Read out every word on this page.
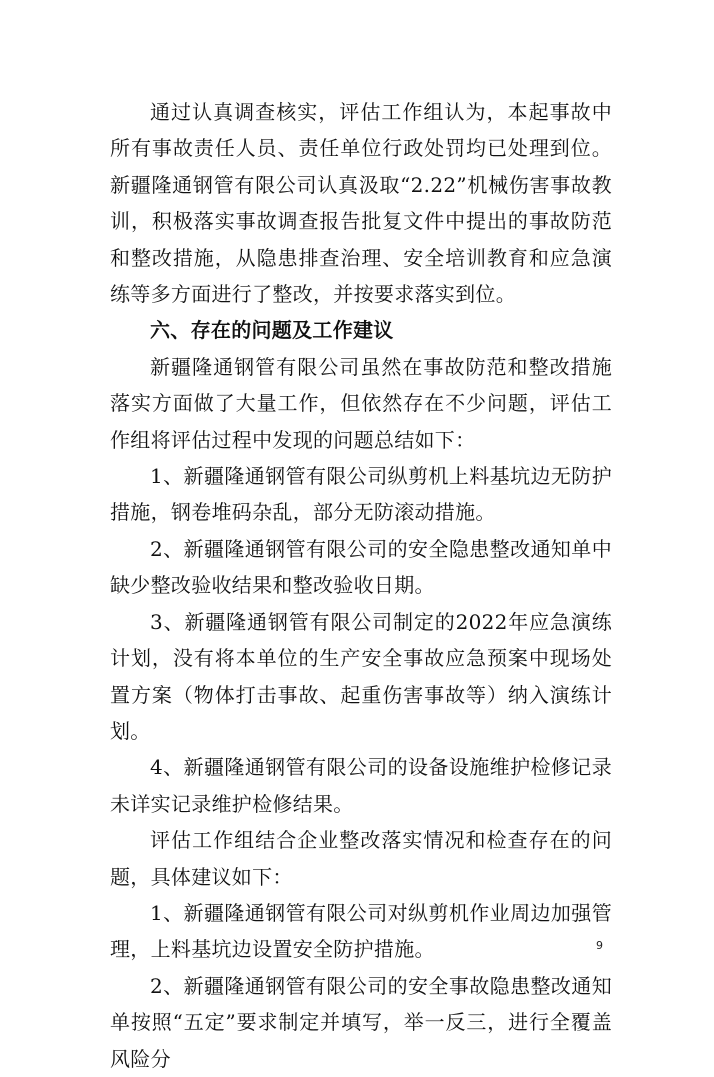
通过认真调查核实，评估工作组认为，本起事故中所有事故责任人员、责任单位行政处罚均已处理到位。新疆隆通钢管有限公司认真汲取“2.22”机械伤害事故教训，积极落实事故调查报告批复文件中提出的事故防范和整改措施，从隐患排查治理、安全培训教育和应急演练等多方面进行了整改，并按要求落实到位。

六、存在的问题及工作建议

新疆隆通钢管有限公司虽然在事故防范和整改措施落实方面做了大量工作，但依然存在不少问题，评估工作组将评估过程中发现的问题总结如下：

1、新疆隆通钢管有限公司纵剪机上料基坑边无防护措施，钢卷堆码杂乱，部分无防滚动措施。

2、新疆隆通钢管有限公司的安全隐患整改通知单中缺少整改验收结果和整改验收日期。

3、新疆隆通钢管有限公司制定的2022年应急演练计划，没有将本单位的生产安全事故应急预案中现场处置方案（物体打击事故、起重伤害事故等）纳入演练计划。

4、新疆隆通钢管有限公司的设备设施维护检修记录未详实记录维护检修结果。

评估工作组结合企业整改落实情况和检查存在的问题，具体建议如下：

1、新疆隆通钢管有限公司对纵剪机作业周边加强管理，上料基坑边设置安全防护措施。

2、新疆隆通钢管有限公司的安全事故隐患整改通知单按照“五定”要求制定并填写，举一反三，进行全覆盖风险分

9
